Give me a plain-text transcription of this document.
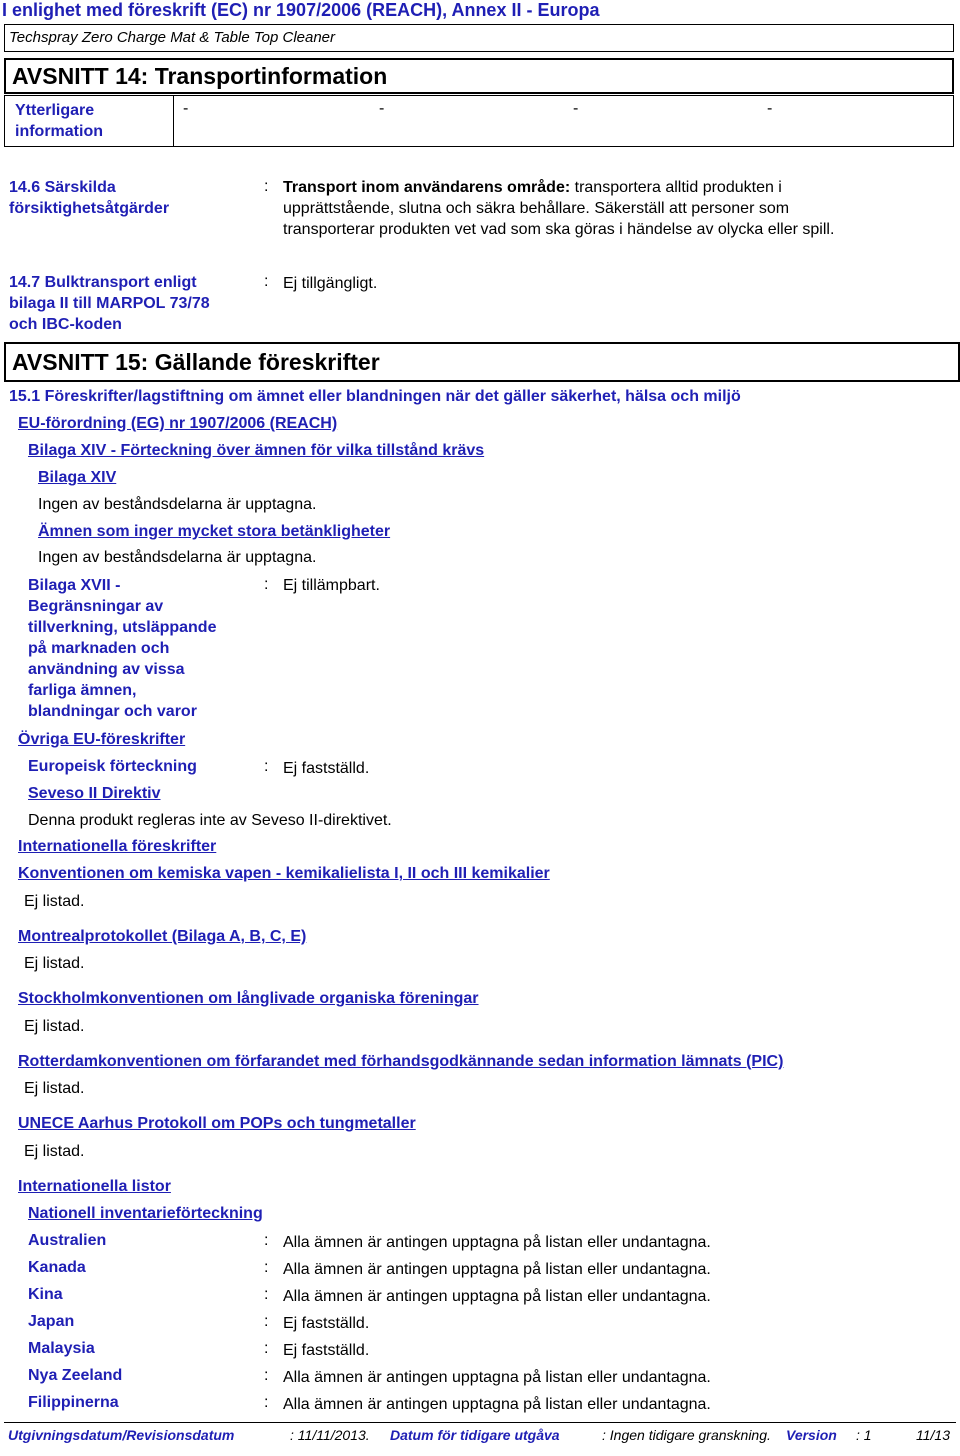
I enlighet med föreskrift (EC) nr 1907/2006 (REACH), Annex II - Europa
Techspray Zero Charge Mat & Table Top Cleaner
AVSNITT 14: Transportinformation
Ytterligare
information
-	-	-	-
14.6 Särskilda
försiktighetsåtgärder
: Transport inom användarens område: transportera alltid produkten i
upprättstående, slutna och säkra behållare. Säkerställ att personer som
transporterar produkten vet vad som ska göras i händelse av olycka eller spill.
14.7 Bulktransport enligt
bilaga II till MARPOL 73/78
och IBC-koden
: Ej tillgängligt.
AVSNITT 15: Gällande föreskrifter
15.1 Föreskrifter/lagstiftning om ämnet eller blandningen när det gäller säkerhet, hälsa och miljö
EU-förordning (EG) nr 1907/2006 (REACH)
Bilaga XIV - Förteckning över ämnen för vilka tillstånd krävs
Bilaga XIV
Ingen av beståndsdelarna är upptagna.
Ämnen som inger mycket stora betänkligheter
Ingen av beståndsdelarna är upptagna.
Bilaga XVII -
Begränsningar av
tillverkning, utsläppande
på marknaden och
användning av vissa
farliga ämnen,
blandningar och varor
: Ej tillämpbart.
Övriga EU-föreskrifter
Europeisk förteckning	: Ej fastställd.
Seveso II Direktiv
Denna produkt regleras inte av Seveso II-direktivet.
Internationella föreskrifter
Konventionen om kemiska vapen - kemikalielista I, II och III kemikalier
Ej listad.
Montrealprotokollet (Bilaga A, B, C, E)
Ej listad.
Stockholmkonventionen om långlivade organiska föreningar
Ej listad.
Rotterdamkonventionen om förfarandet med förhandsgodkännande sedan information lämnats (PIC)
Ej listad.
UNECE Aarhus Protokoll om POPs och tungmetaller
Ej listad.
Internationella listor
Nationell inventarieförteckning
Australien	: Alla ämnen är antingen upptagna på listan eller undantagna.
Kanada	: Alla ämnen är antingen upptagna på listan eller undantagna.
Kina	: Alla ämnen är antingen upptagna på listan eller undantagna.
Japan	: Ej fastställd.
Malaysia	: Ej fastställd.
Nya Zeeland	: Alla ämnen är antingen upptagna på listan eller undantagna.
Filippinerna	: Alla ämnen är antingen upptagna på listan eller undantagna.
Utgivningsdatum/Revisionsdatum	: 11/11/2013. Datum för tidigare utgåva	: Ingen tidigare granskning. Version : 1	11/13
